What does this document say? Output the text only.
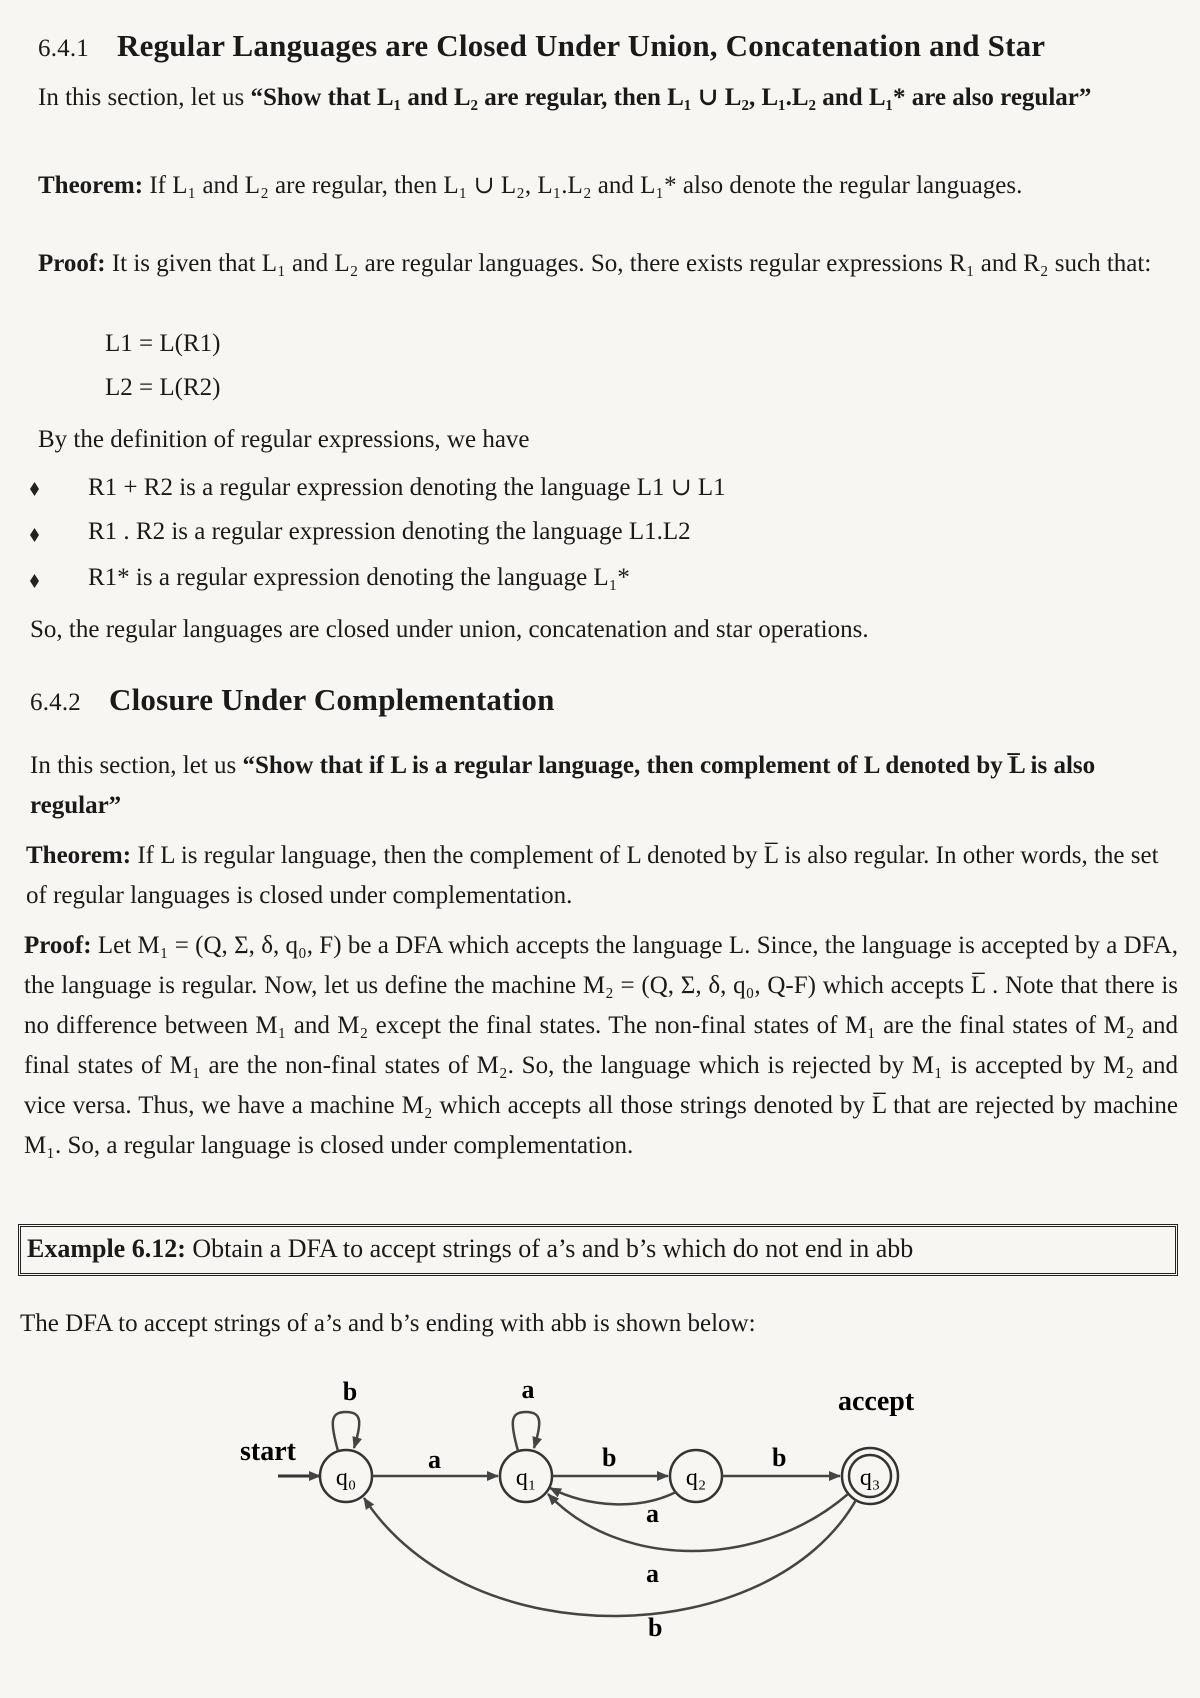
6.4.1 Regular Languages are Closed Under Union, Concatenation and Star
In this section, let us “Show that L₁ and L₂ are regular, then L₁ ∪ L₂, L₁.L₂ and L₁* are also regular”
Theorem: If L₁ and L₂ are regular, then L₁ ∪ L₂, L₁.L₂ and L₁* also denote the regular languages.
Proof: It is given that L₁ and L₂ are regular languages. So, there exists regular expressions R₁ and R₂ such that:
L1 = L(R1)
L2 = L(R2)
By the definition of regular expressions, we have
R1 + R2 is a regular expression denoting the language L1 ∪ L1
R1 . R2 is a regular expression denoting the language L1.L2
R1* is a regular expression denoting the language L₁*
So, the regular languages are closed under union, concatenation and star operations.
6.4.2 Closure Under Complementation
In this section, let us “Show that if L is a regular language, then complement of L denoted by L̅ is also regular”
Theorem: If L is regular language, then the complement of L denoted by L̅ is also regular. In other words, the set of regular languages is closed under complementation.
Proof: Let M₁ = (Q, Σ, δ, q₀, F) be a DFA which accepts the language L. Since, the language is accepted by a DFA, the language is regular. Now, let us define the machine M₂ = (Q, Σ, δ, q₀, Q-F) which accepts L̅ . Note that there is no difference between M₁ and M₂ except the final states. The non-final states of M₁ are the final states of M₂ and final states of M₁ are the non-final states of M₂. So, the language which is rejected by M₁ is accepted by M₂ and vice versa. Thus, we have a machine M₂ which accepts all those strings denoted by L̅ that are rejected by machine M₁. So, a regular language is closed under complementation.
Example 6.12: Obtain a DFA to accept strings of a’s and b’s which do not end in abb
The DFA to accept strings of a’s and b’s ending with abb is shown below:
start
q₀	q₁	q₂	q₃
accept
b	a
a	b	b
a
a
b
